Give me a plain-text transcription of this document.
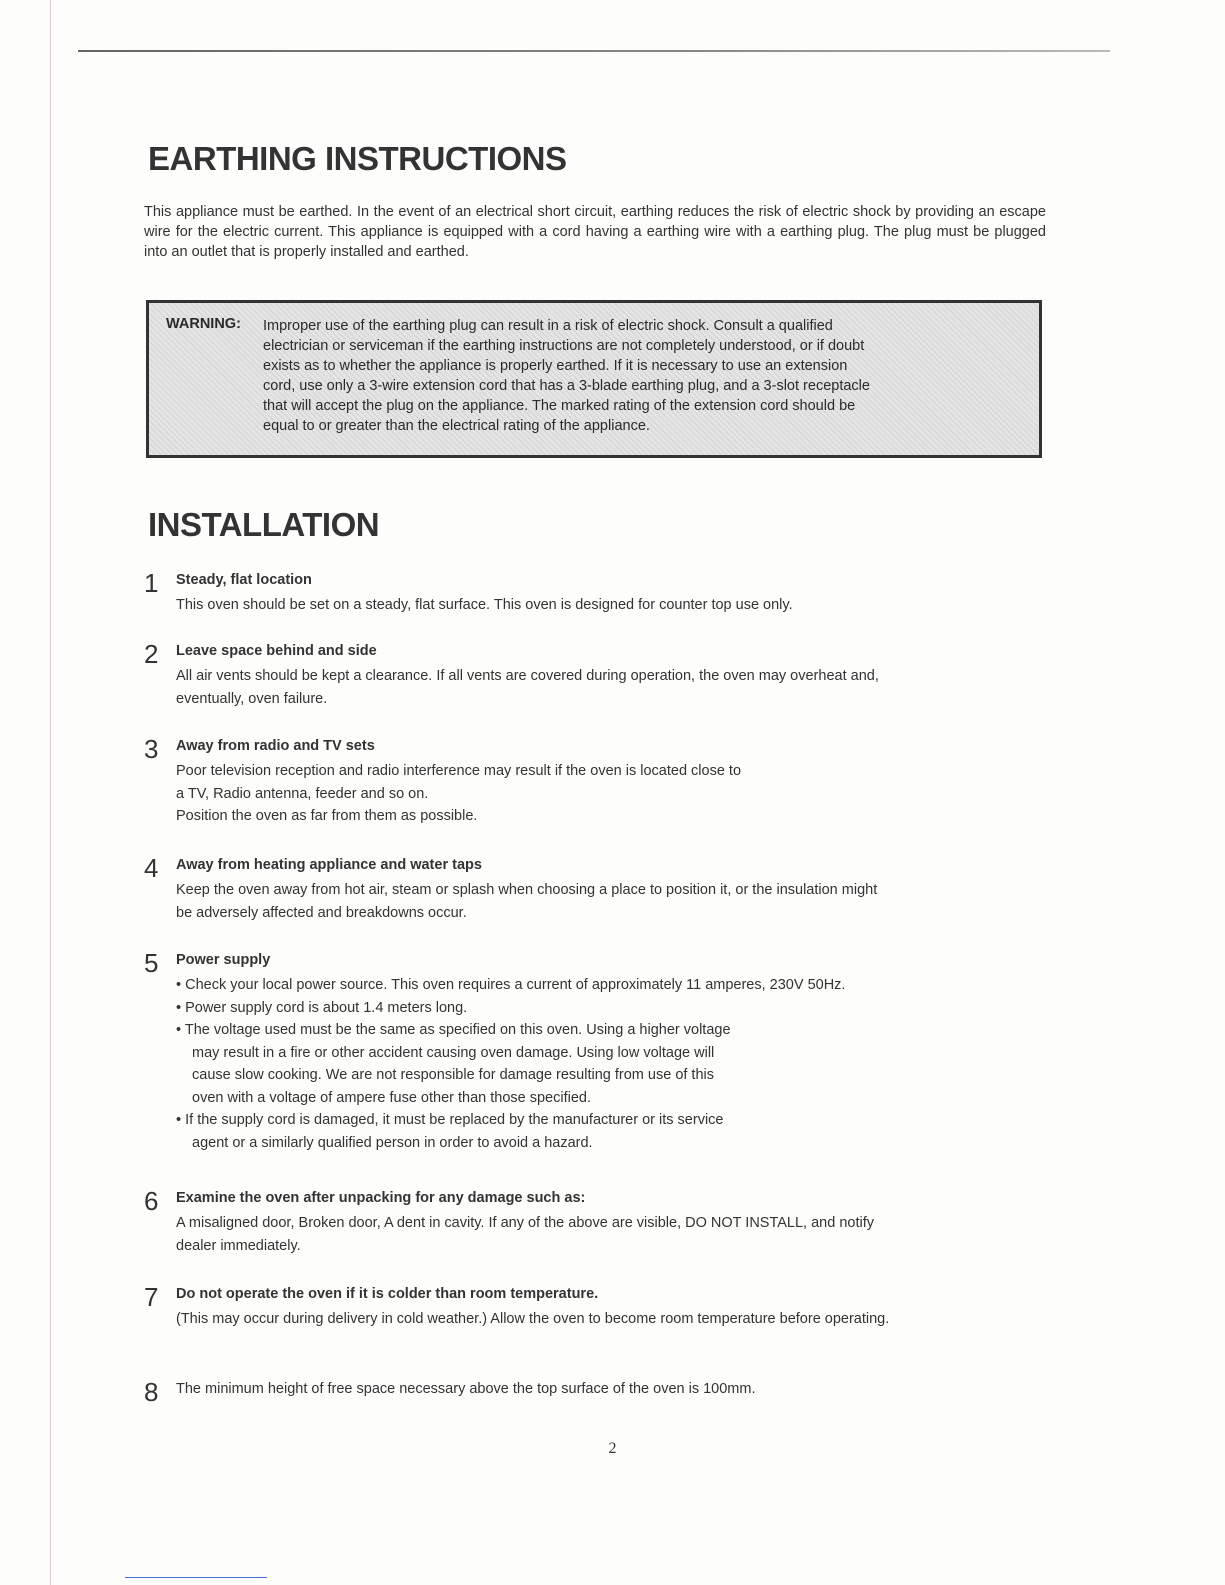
EARTHING INSTRUCTIONS

This appliance must be earthed. In the event of an electrical short circuit, earthing reduces the risk of electric shock by providing an escape wire for the electric current. This appliance is equipped with a cord having a earthing wire with a earthing plug. The plug must be plugged into an outlet that is properly installed and earthed.

WARNING: Improper use of the earthing plug can result in a risk of electric shock. Consult a qualified
electrician or serviceman if the earthing instructions are not completely understood, or if doubt
exists as to whether the appliance is properly earthed. If it is necessary to use an extension
cord, use only a 3-wire extension cord that has a 3-blade earthing plug, and a 3-slot receptacle
that will accept the plug on the appliance. The marked rating of the extension cord should be
equal to or greater than the electrical rating of the appliance.

INSTALLATION
1 Steady, flat location

This oven should be set on a steady, flat surface. This oven is designed for counter top use only.

2 Leave space behind and side

All air vents should be kept a clearance. If all vents are covered during operation, the oven may overheat and,
eventually, oven failure.

3 Away from radio and TV sets

Poor television reception and radio interference may result if the oven is located close to
a TV, Radio antenna, feeder and so on.
Position the oven as far from them as possible.

4 Away from heating appliance and water taps

Keep the oven away from hot air, steam or splash when choosing a place to position it, or the insulation might
be adversely affected and breakdowns occur.

5 Power supply

• Check your local power source. This oven requires a current of approximately 11 amperes, 230V 50Hz.
• Power supply cord is about 1.4 meters long.
• The voltage used must be the same as specified on this oven. Using a higher voltage
may result in a fire or other accident causing oven damage. Using low voltage will
cause slow cooking. We are not responsible for damage resulting from use of this
oven with a voltage of ampere fuse other than those specified.
• If the supply cord is damaged, it must be replaced by the manufacturer or its service
agent or a similarly qualified person in order to avoid a hazard.

6 Examine the oven after unpacking for any damage such as:

A misaligned door, Broken door, A dent in cavity. If any of the above are visible, DO NOT INSTALL, and notify
dealer immediately.

7 Do not operate the oven if it is colder than room temperature.

(This may occur during delivery in cold weather.) Allow the oven to become room temperature before operating.

8 The minimum height of free space necessary above the top surface of the oven is 100mm.
2
